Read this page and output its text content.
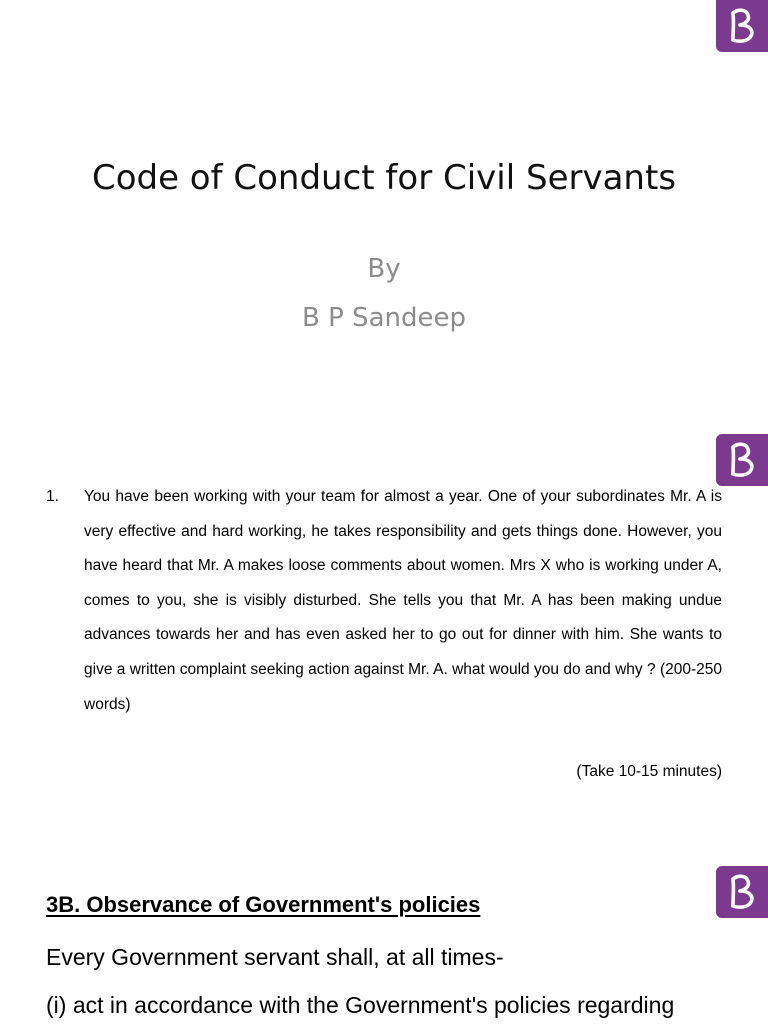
Code of Conduct for Civil Servants
By
B P Sandeep
1. You have been working with your team for almost a year. One of your subordinates Mr. A is very effective and hard working, he takes responsibility and gets things done. However, you have heard that Mr. A makes loose comments about women. Mrs X who is working under A, comes to you, she is visibly disturbed. She tells you that Mr. A has been making undue advances towards her and has even asked her to go out for dinner with him. She wants to give a written complaint seeking action against Mr. A. what would you do and why ? (200-250 words)

(Take 10-15 minutes)
3B. Observance of Government's policies
Every Government servant shall, at all times-
(i) act in accordance with the Government's policies regarding
